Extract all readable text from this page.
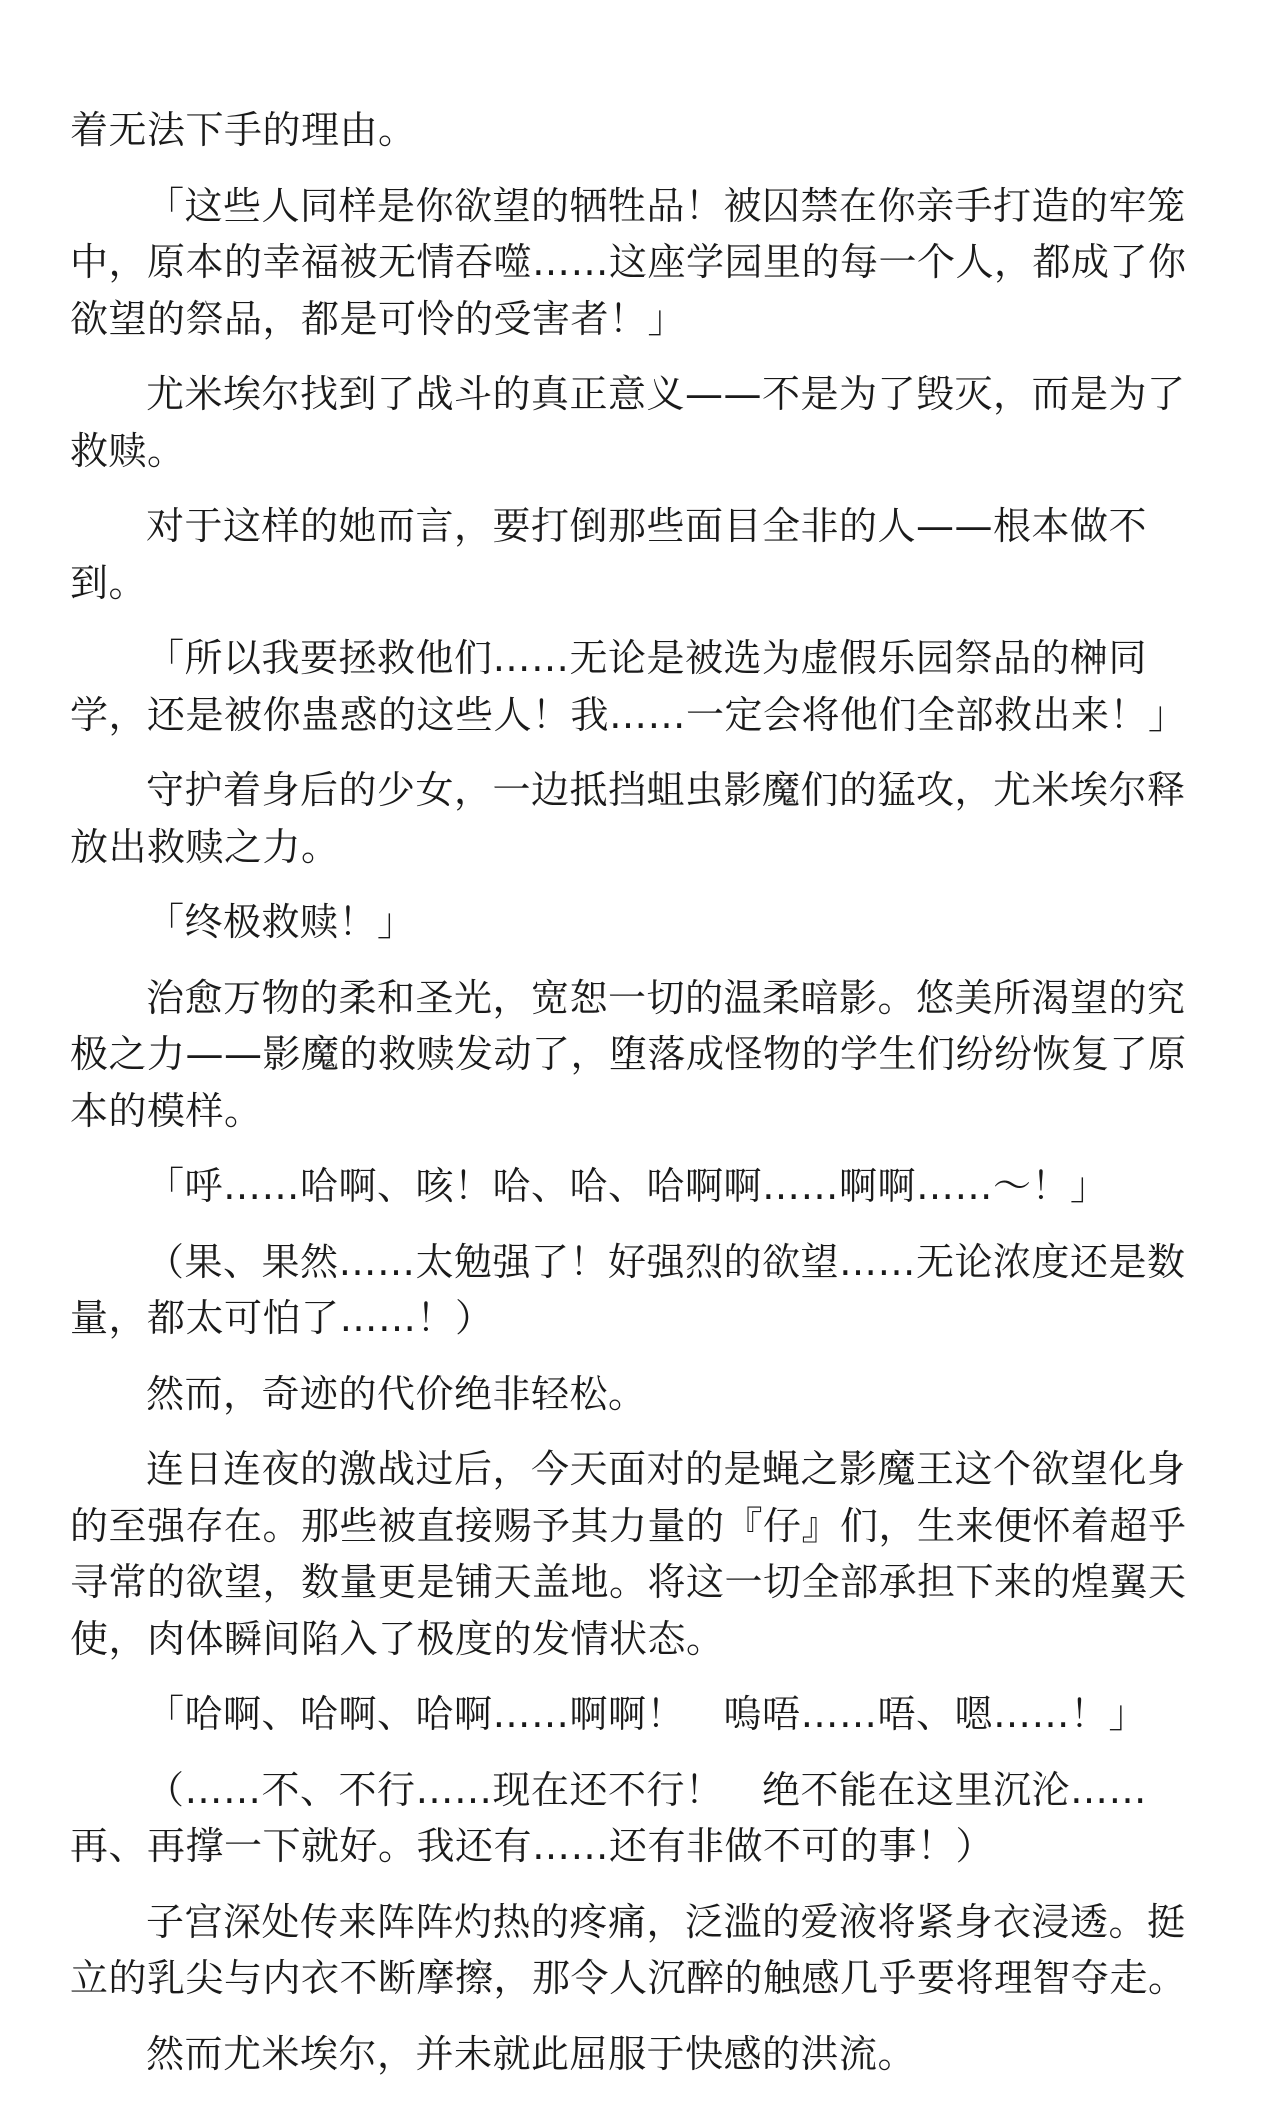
着无法下手的理由。

「这些人同样是你欲望的牺牲品！被囚禁在你亲手打造的牢笼中，原本的幸福被无情吞噬……这座学园里的每一个人，都成了你欲望的祭品，都是可怜的受害者！」

尤米埃尔找到了战斗的真正意义——不是为了毁灭，而是为了救赎。

对于这样的她而言，要打倒那些面目全非的人——根本做不到。

「所以我要拯救他们……无论是被选为虚假乐园祭品的榊同学，还是被你蛊惑的这些人！我……一定会将他们全部救出来！」

守护着身后的少女，一边抵挡蛆虫影魔们的猛攻，尤米埃尔释放出救赎之力。

「终极救赎！」

治愈万物的柔和圣光，宽恕一切的温柔暗影。悠美所渴望的究极之力——影魔的救赎发动了，堕落成怪物的学生们纷纷恢复了原本的模样。

「呼……哈啊、咳！哈、哈、哈啊啊……啊啊……～！」

（果、果然……太勉强了！好强烈的欲望……无论浓度还是数量，都太可怕了……！）

然而，奇迹的代价绝非轻松。

连日连夜的激战过后，今天面对的是蝇之影魔王这个欲望化身的至强存在。那些被直接赐予其力量的『仔』们，生来便怀着超乎寻常的欲望，数量更是铺天盖地。将这一切全部承担下来的煌翼天使，肉体瞬间陷入了极度的发情状态。

「哈啊、哈啊、哈啊……啊啊！　嗚唔……唔、嗯……！」

（……不、不行……现在还不行！　绝不能在这里沉沦……再、再撑一下就好。我还有……还有非做不可的事！）

子宫深处传来阵阵灼热的疼痛，泛滥的爱液将紧身衣浸透。挺立的乳尖与内衣不断摩擦，那令人沉醉的触感几乎要将理智夺走。

然而尤米埃尔，并未就此屈服于快感的洪流。
